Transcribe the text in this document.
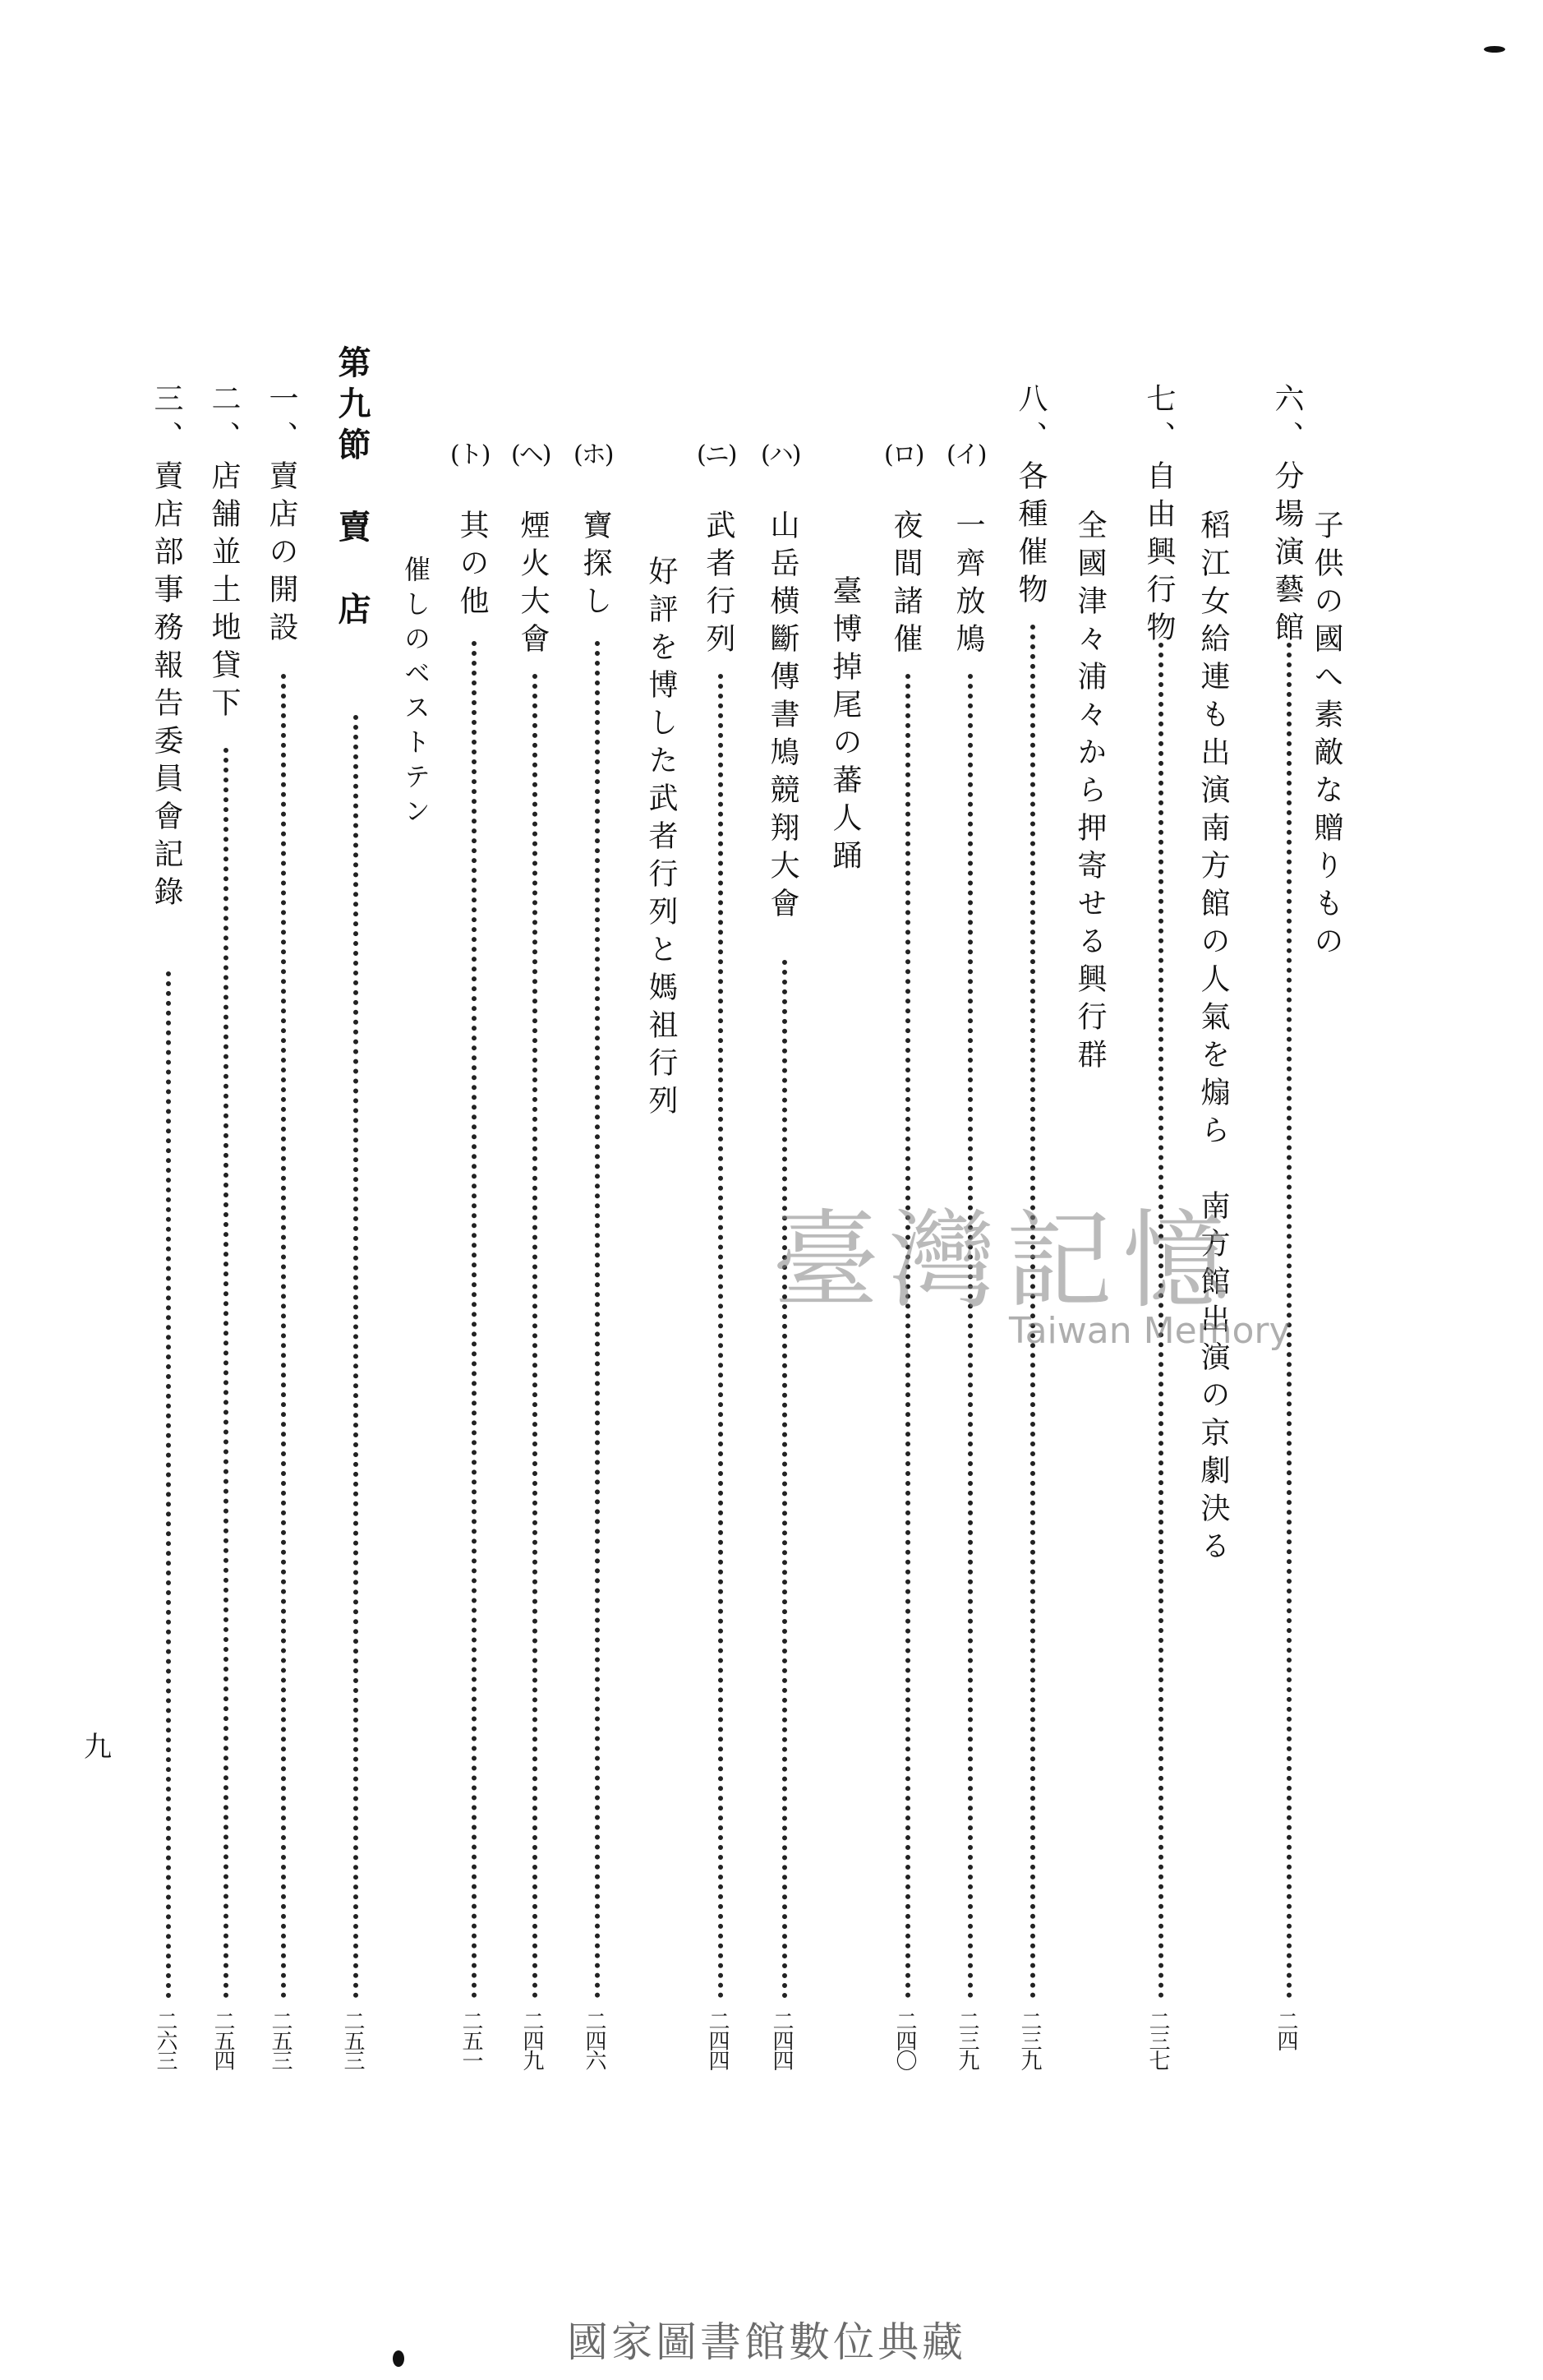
子供の國へ素敵な贈りもの
六、
分場演藝館
二四
稻江女給連も出演南方館の人氣を煽ら　南方館出演の京劇決る
七、
自由興行物
二三七
全國津々浦々から押寄せる興行群
八、
各種催物
二三九
(イ)
一齊放鳩
二三九
(ロ)
夜間諸催
二四〇
臺博掉尾の蕃人踊
(ハ)
山岳横斷傳書鳩競翔大會
二四四
(ニ)
武者行列
二四四
好評を博した武者行列と媽祖行列
(ホ)
寶探し
二四六
(ヘ)
煙火大會
二四九
(ト)
其の他
二五一
催しのベストテン
第九節　賣　店
二五三
一、
賣店の開設
二五三
二、
店舗並土地貸下
二五四
三、
賣店部事務報告委員會記錄
二六三
九
臺灣記憶
Taiwan Memory
國家圖書館數位典藏
